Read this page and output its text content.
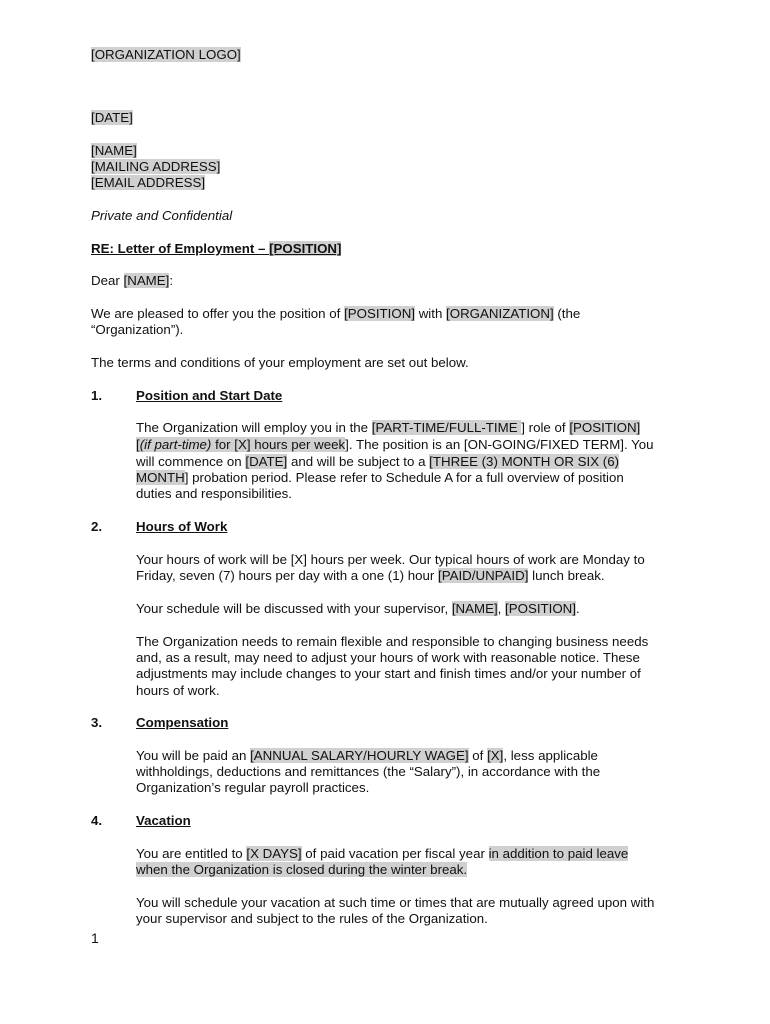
[ORGANIZATION LOGO]
[DATE]
[NAME]
[MAILING ADDRESS]
[EMAIL ADDRESS]
Private and Confidential
RE: Letter of Employment – [POSITION]
Dear [NAME]:
We are pleased to offer you the position of [POSITION] with [ORGANIZATION] (the
“Organization”).
The terms and conditions of your employment are set out below.
1.	Position and Start Date
The Organization will employ you in the [PART-TIME/FULL-TIME ] role of [POSITION]
[(if part-time) for [X] hours per week]. The position is an [ON-GOING/FIXED TERM]. You
will commence on [DATE] and will be subject to a [THREE (3) MONTH OR SIX (6)
MONTH] probation period. Please refer to Schedule A for a full overview of position
duties and responsibilities.
2.	Hours of Work
Your hours of work will be [X] hours per week. Our typical hours of work are Monday to
Friday, seven (7) hours per day with a one (1) hour [PAID/UNPAID] lunch break.
Your schedule will be discussed with your supervisor, [NAME], [POSITION].
The Organization needs to remain flexible and responsible to changing business needs
and, as a result, may need to adjust your hours of work with reasonable notice. These
adjustments may include changes to your start and finish times and/or your number of
hours of work.
3.	Compensation
You will be paid an [ANNUAL SALARY/HOURLY WAGE] of [X], less applicable
withholdings, deductions and remittances (the “Salary”), in accordance with the
Organization’s regular payroll practices.
4.	Vacation
You are entitled to [X DAYS] of paid vacation per fiscal year in addition to paid leave
when the Organization is closed during the winter break.
You will schedule your vacation at such time or times that are mutually agreed upon with
your supervisor and subject to the rules of the Organization.
1
